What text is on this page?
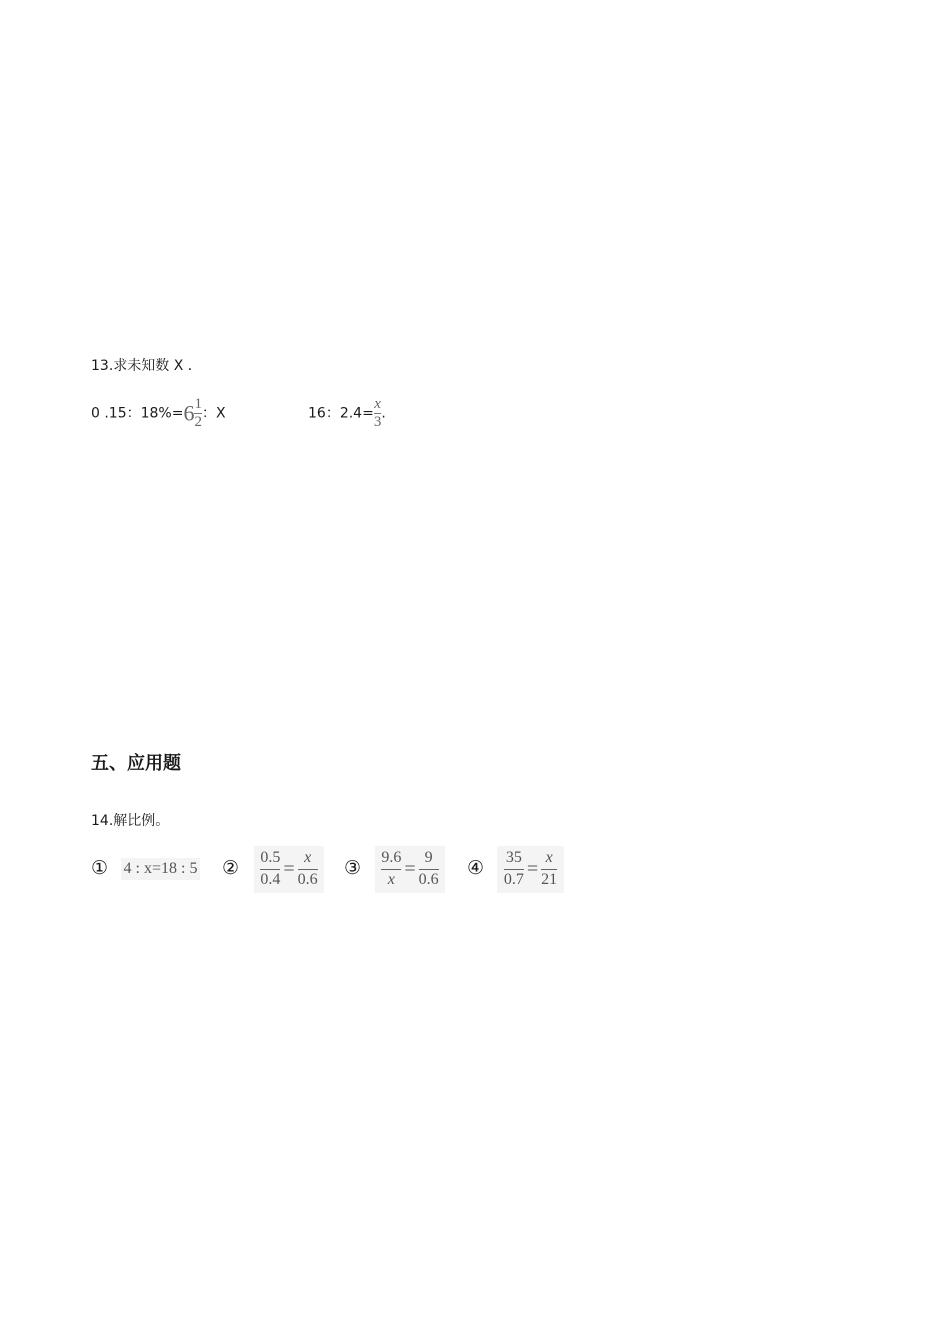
13.求未知数 X ．
0 .15：$18\%=6 \frac{1}{2}$ ：X	16：$2.4= \frac{x}{3}$ .
五、应用题
14.解比例。
① 4 : x=18 : 5 ② 0.5
0.4 =
x
0.6
③ 9.6
x =
9
0.6
④ 35
0.7 =
x
21
